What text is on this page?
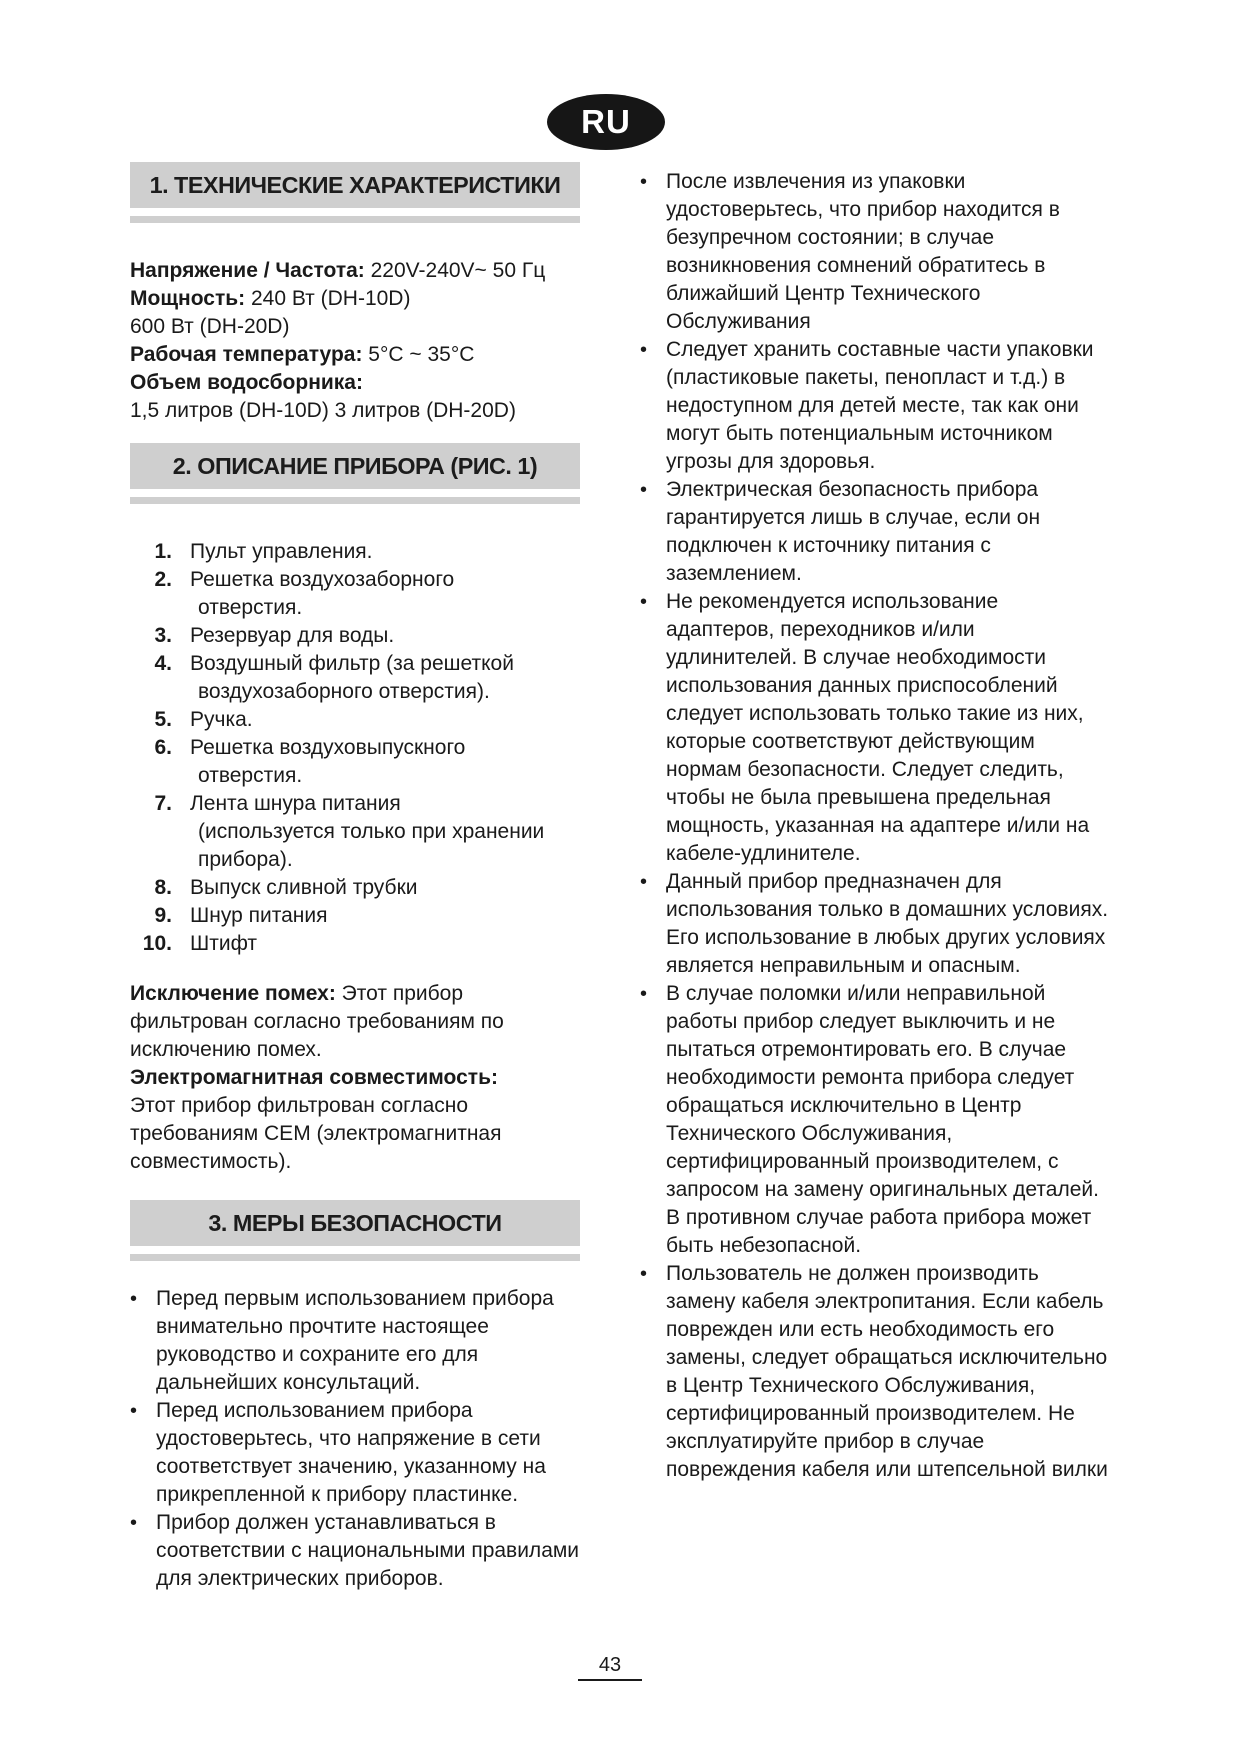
RU
1. ТЕХНИЧЕСКИЕ ХАРАКТЕРИСТИКИ
Напряжение / Частота: 220V-240V~ 50 Гц
Мощность: 240 Вт (DH-10D)
600 Вт (DH-20D)
Рабочая температура: 5°C ~ 35°C
Объем водосборника:
1,5 литров (DH-10D) 3 литров (DH-20D)
2. ОПИСАНИЕ ПРИБОРА (РИС. 1)
1. Пульт управления.
2. Решетка воздухозаборного
отверстия.
3. Резервуар для воды.
4. Воздушный фильтр (за решеткой
воздухозаборного отверстия).
5. Ручка.
6. Решетка воздуховыпускного
отверстия.
7. Лента шнура питания
(используется только при хранении
прибора).
8. Выпуск сливной трубки
9. Шнур питания
10. Штифт
Исключение помех: Этот прибор фильтрован согласно требованиям по исключению помех.
Электромагнитная совместимость:
Этот прибор фильтрован согласно требованиям CEM (электромагнитная совместимость).
3. МЕРЫ БЕЗОПАСНОСТИ
• Перед первым использованием прибора внимательно прочтите настоящее руководство и сохраните его для дальнейших консультаций.
• Перед использованием прибора удостоверьтесь, что напряжение в сети соответствует значению, указанному на прикрепленной к прибору пластинке.
• Прибор должен устанавливаться в соответствии с национальными правилами для электрических приборов.
• После извлечения из упаковки удостоверьтесь, что прибор находится в безупречном состоянии; в случае возникновения сомнений обратитесь в ближайший Центр Технического Обслуживания
• Следует хранить составные части упаковки (пластиковые пакеты, пенопласт и т.д.) в недоступном для детей месте, так как они могут быть потенциальным источником угрозы для здоровья.
• Электрическая безопасность прибора гарантируется лишь в случае, если он подключен к источнику питания с заземлением.
• Не рекомендуется использование адаптеров, переходников и/или удлинителей. В случае необходимости использования данных приспособлений следует использовать только такие из них, которые соответствуют действующим нормам безопасности. Следует следить, чтобы не была превышена предельная мощность, указанная на адаптере и/или на кабеле-удлинителе.
• Данный прибор предназначен для использования только в домашних условиях. Его использование в любых других условиях является неправильным и опасным.
• В случае поломки и/или неправильной работы прибор следует выключить и не пытаться отремонтировать его. В случае необходимости ремонта прибора следует обращаться исключительно в Центр Технического Обслуживания, сертифицированный производителем, с запросом на замену оригинальных деталей. В противном случае работа прибора может быть небезопасной.
• Пользователь не должен производить замену кабеля электропитания. Если кабель поврежден или есть необходимость его замены, следует обращаться исключительно в Центр Технического Обслуживания, сертифицированный производителем. Не эксплуатируйте прибор в случае повреждения кабеля или штепсельной вилки
43
